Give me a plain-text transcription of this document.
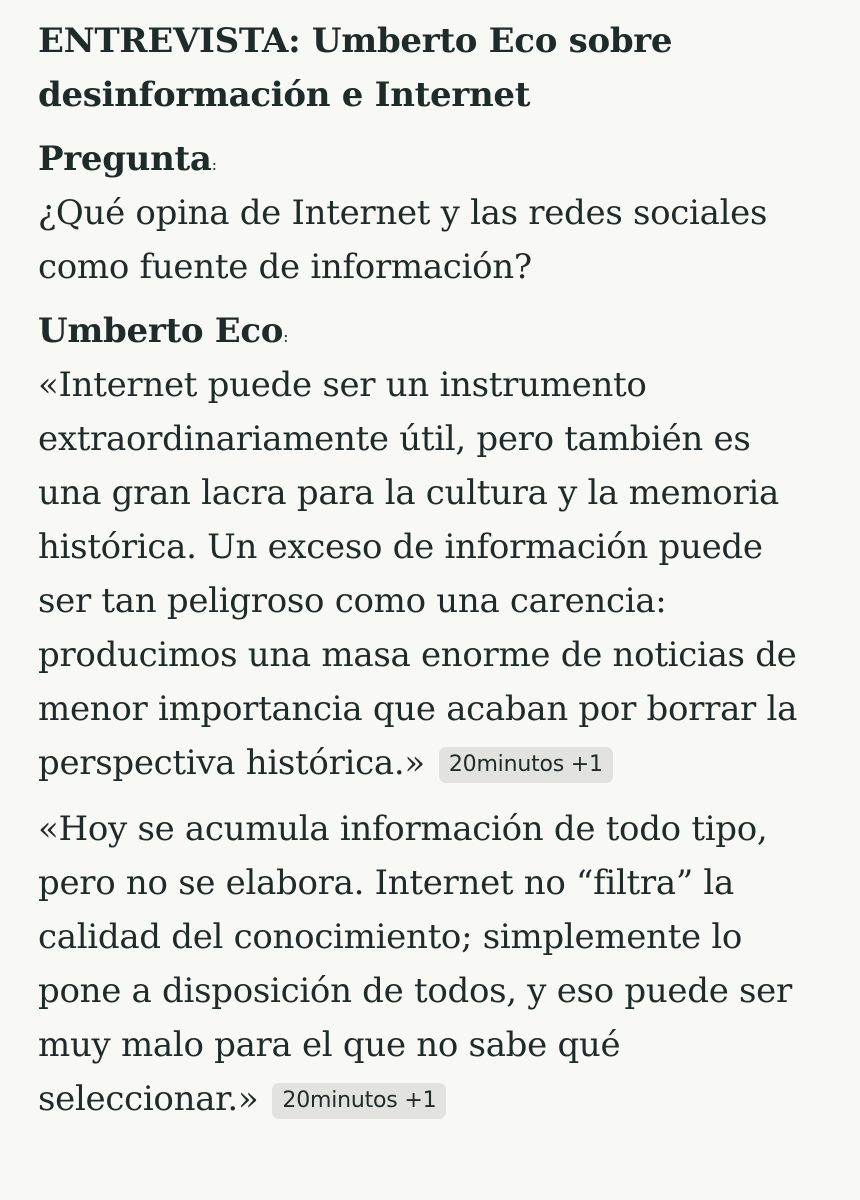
ENTREVISTA: Umberto Eco sobre desinformación e Internet
Pregunta:

¿Qué opina de Internet y las redes sociales como fuente de información?

Umberto Eco:

«Internet puede ser un instrumento extraordinariamente útil, pero también es una gran lacra para la cultura y la memoria histórica. Un exceso de información puede ser tan peligroso como una carencia: producimos una masa enorme de noticias de menor importancia que acaban por borrar la perspectiva histórica.» 20minutos +1

«Hoy se acumula información de todo tipo, pero no se elabora. Internet no “filtra” la calidad del conocimiento; simplemente lo pone a disposición de todos, y eso puede ser muy malo para el que no sabe qué seleccionar.» 20minutos +1
